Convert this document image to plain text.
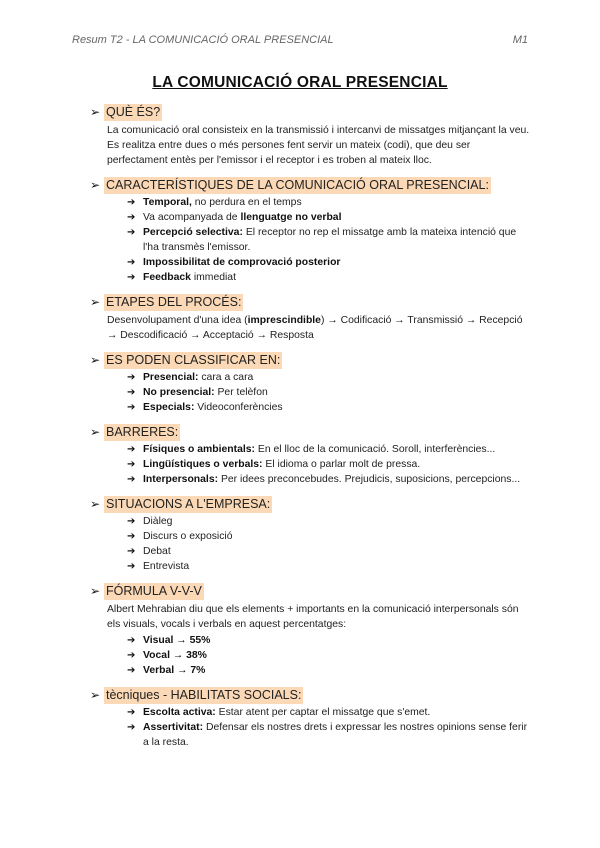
Resum T2 - LA COMUNICACIÓ ORAL PRESENCIAL	M1
LA COMUNICACIÓ ORAL PRESENCIAL
➢ QUÈ ÉS?
La comunicació oral consisteix en la transmissió i intercanvi de missatges mitjançant la veu. Es realitza entre dues o més persones fent servir un mateix (codi), que deu ser perfectament entès per l'emissor i el receptor i es troben al mateix lloc.
➢ CARACTERÍSTIQUES DE LA COMUNICACIÓ ORAL PRESENCIAL:
➔ Temporal, no perdura en el temps
➔ Va acompanyada de llenguatge no verbal
➔ Percepció selectiva: El receptor no rep el missatge amb la mateixa intenció que l'ha transmès l'emissor.
➔ Impossibilitat de comprovació posterior
➔ Feedback immediat
➢ ETAPES DEL PROCÉS:
Desenvolupament d'una idea (imprescindible) → Codificació → Transmissió → Recepció → Descodificació → Acceptació → Resposta
➢ ES PODEN CLASSIFICAR EN:
➔ Presencial: cara a cara
➔ No presencial: Per telèfon
➔ Especials: Videoconferències
➢ BARRERES:
➔ Físiques o ambientals: En el lloc de la comunicació. Soroll, interferències...
➔ Lingüístiques o verbals: El idioma o parlar molt de pressa.
➔ Interpersonals: Per idees preconcebudes. Prejudicis, suposicions, percepcions...
➢ SITUACIONS A L'EMPRESA:
➔ Diàleg
➔ Discurs o exposició
➔ Debat
➔ Entrevista
➢ FÓRMULA V-V-V
Albert Mehrabian diu que els elements + importants en la comunicació interpersonals són els visuals, vocals i verbals en aquest percentatges:
➔ Visual → 55%
➔ Vocal → 38%
➔ Verbal → 7%
➢ tècniques - HABILITATS SOCIALS:
➔ Escolta activa: Estar atent per captar el missatge que s'emet.
➔ Assertivitat: Defensar els nostres drets i expressar les nostres opinions sense ferir a la resta.
